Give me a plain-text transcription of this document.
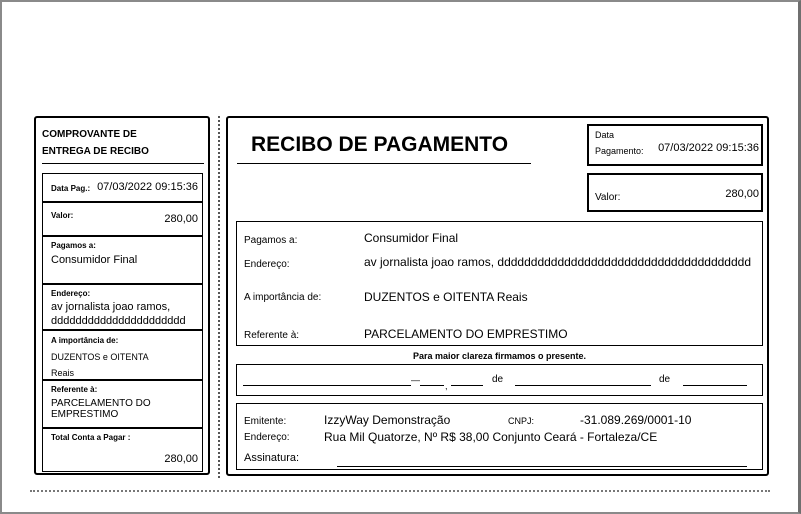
COMPROVANTE DE
ENTREGA DE RECIBO
Data Pag.: 07/03/2022 09:15:36
Valor:	280,00
Pagamos a:
Consumidor Final
Endereço:
av jornalista joao ramos,
dddddddddddddddddddddd
A importância de:
DUZENTOS e OITENTA
Reais
Referente à:
PARCELAMENTO DO
EMPRESTIMO
Total Conta a Pagar :
280,00
RECIBO DE PAGAMENTO	Data
Pagamento: 07/03/2022 09:15:36
Valor:	280,00
Pagamos a:	Consumidor Final
Endereço:	av jornalista joao ramos, dddddddddddddddddddddddddddddddddddddd
A importância de:	DUZENTOS e OITENTA Reais
Referente à:	PARCELAMENTO DO EMPRESTIMO
Para maior clareza firmamos o presente.
—
,
de	de
Emitente:	IzzyWay Demonstração	CNPJ:	-31.089.269/0001-10
Endereço:	Rua Mil Quatorze, Nº R$ 38,00 Conjunto Ceará - Fortaleza/CE
Assinatura:
